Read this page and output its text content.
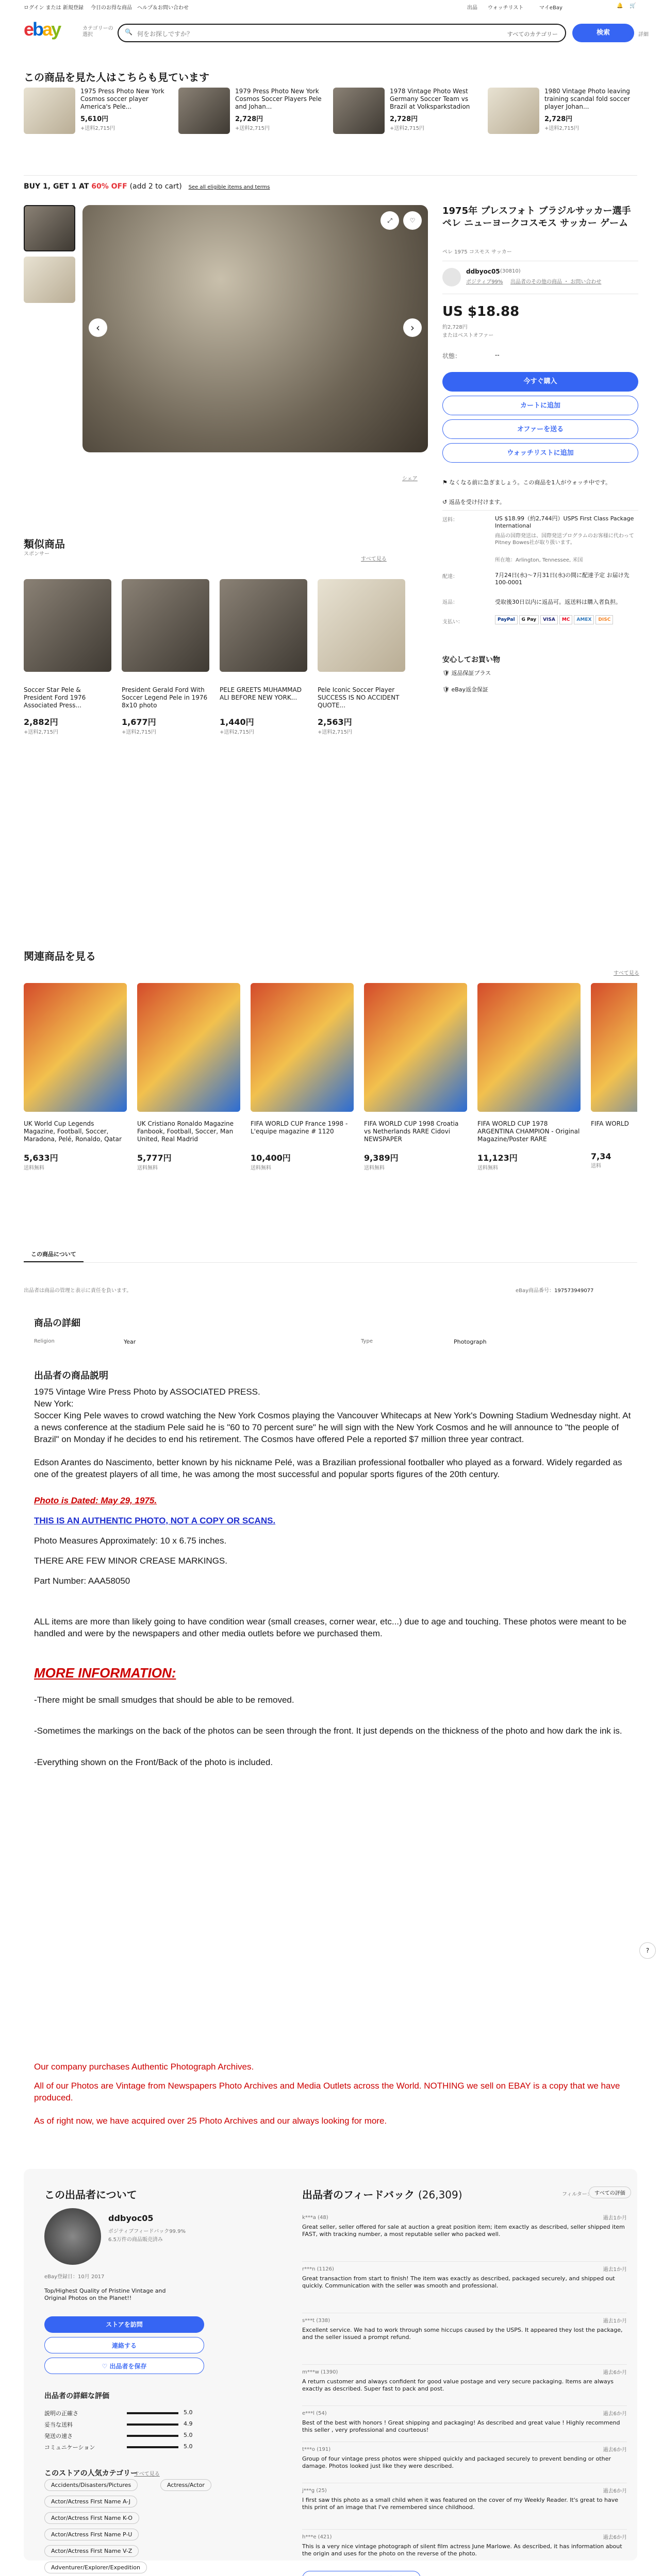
ログイン または 新規登録 今日のお得な商品 ヘルプ＆お問い合わせ	出品 ウォッチリスト	マイeBay	🔔 🛒
ebay	カテゴリーの選択	🔍 何をお探しですか？	すべてのカテゴリー	検索	詳細
この商品を見た人はこちらも見ています
1975 Press Photo New York Cosmos soccer player America's Pele...
5,610円
+送料2,715円
1979 Press Photo New York Cosmos Soccer Players Pele and Johan...
2,728円
+送料2,715円
1978 Vintage Photo West Germany Soccer Team vs Brazil at Volksparkstadion
2,728円
+送料2,715円
1980 Vintage Photo leaving training scandal fold soccer player Johan...
2,728円
+送料2,715円
BUY 1, GET 1 AT 60% OFF (add 2 to cart) See all eligible items and terms
‹	›
♡
⤢
シェア
1975年 プレスフォト ブラジルサッカー選手 ペレ ニューヨークコスモス サッカー ゲーム
ペレ 1975 コスモス サッカー
ddbyoc05 (30810)
ポジティブ99% 出品者のその他の商品 ・ お問い合わせ
US $18.88
約2,728円
またはベストオファー
状態：	--
今すぐ購入
カートに追加
オファーを送る
ウォッチリストに追加
⚑ なくなる前に急ぎましょう。この商品を1人がウォッチ中です。
↺ 返品を受け付けます。
送料：	US $18.99（約2,744円）USPS First Class Package International
商品の国際発送は、国際発送プログラムのお客様に代わってPitney Bowes社が取り扱います。
所在地：Arlington, Tennessee, 米国
配達：	7月24日(水)〜7月31日(水)の間に配達予定 お届け先 100-0001
返品：	受取後30日以内に返品可。返送料は購入者負担。
支払い：	PayPal G Pay VISA MC AMEX DISC
安心してお買い物
🛡 返品保証プラス
🛡 eBay返金保証
類似商品
スポンサー
すべて見る
Soccer Star Pele & President Ford 1976 Associated Press...
2,882円
+送料2,715円
President Gerald Ford With Soccer Legend Pele in 1976 8x10 photo
1,677円
+送料2,715円
PELE GREETS MUHAMMAD ALI BEFORE NEW YORK...
1,440円
+送料2,715円
Pele Iconic Soccer Player SUCCESS IS NO ACCIDENT QUOTE...
2,563円
+送料2,715円
関連商品を見る
すべて見る
UK World Cup Legends Magazine, Football, Soccer, Maradona, Pelé, Ronaldo, Qatar
5,633円
送料無料
UK Cristiano Ronaldo Magazine Fanbook, Football, Soccer, Man United, Real Madrid
5,777円
送料無料
FIFA WORLD CUP France 1998 - L'equipe magazine # 1120
10,400円
送料無料
FIFA WORLD CUP 1998 Croatia vs Netherlands RARE Cidovi NEWSPAPER
9,389円
送料無料
FIFA WORLD CUP 1978 ARGENTINA CHAMPION - Original Magazine/Poster RARE
11,123円
送料無料
FIFA WORLD
7,34
送料
この商品について
出品者は商品の管理と表示に責任を負います。	eBay商品番号：197573949077
商品の詳細
Religion	Year	Type	Photograph
出品者の商品説明

1975 Vintage Wire Press Photo by ASSOCIATED PRESS.

New York:

Soccer King Pele waves to crowd watching the New York Cosmos playing the Vancouver Whitecaps at New York's Downing Stadium Wednesday night. At a news conference at the stadium Pele said he is "60 to 70 percent sure" he will sign with the New York Cosmos and he will announce to "the people of Brazil" on Monday if he decides to end his retirement. The Cosmos have offered Pele a reported $7 million three year contract.

Edson Arantes do Nascimento, better known by his nickname Pelé, was a Brazilian professional footballer who played as a forward. Widely regarded as one of the greatest players of all time, he was among the most successful and popular sports figures of the 20th century.

Photo is Dated: May 29, 1975.

THIS IS AN AUTHENTIC PHOTO, NOT A COPY OR SCANS.

Photo Measures Approximately: 10 x 6.75 inches.

THERE ARE FEW MINOR CREASE MARKINGS.

Part Number: AAA58050

ALL items are more than likely going to have condition wear (small creases, corner wear, etc...) due to age and touching. These photos were meant to be handled and were by the newspapers and other media outlets before we purchased them.

MORE INFORMATION:

-There might be small smudges that should be able to be removed.

-Sometimes the markings on the back of the photos can be seen through the front. It just depends on the thickness of the photo and how dark the ink is.

-Everything shown on the Front/Back of the photo is included.

?

Our company purchases Authentic Photograph Archives.

All of our Photos are Vintage from Newspapers Photo Archives and Media Outlets across the World. NOTHING we sell on EBAY is a copy that we have produced.

As of right now, we have acquired over 25 Photo Archives and our always looking for more.

この出品者について
ddbyoc05
ポジティブフィードバック99.9%
6.5万件の商品販売済み
eBay登録日：10月 2017
Top/Highest Quality of Pristine Vintage and Original Photos on the Planet!!
ストアを訪問
連絡する
♡ 出品者を保存
出品者の詳細な評価
説明の正確さ	5.0
妥当な送料	4.9
発送の速さ	5.0
コミュニケーション	5.0
このストアの人気カテゴリー
すべて見る
Accidents/Disasters/Pictures	Actress/Actor
Actor/Actress First Name A-J
Actor/Actress First Name K-O
Actor/Actress First Name P-U
Actor/Actress First Name V-Z
Adventurer/Explorer/Expedition
出品者のフィードバック (26,309)	フィルター： すべての評価
k***a (48)	過去1か月
Great seller, seller offered for sale at auction a great position item; item exactly as described, seller shipped item FAST, with tracking number, a most reputable seller who packed well.
r***n (1126)	過去1か月
Great transaction from start to finish! The item was exactly as described, packaged securely, and shipped out quickly. Communication with the seller was smooth and professional.
s***t (338)	過去1か月
Excellent service. We had to work through some hiccups caused by the USPS. It appeared they lost the package, and the seller issued a prompt refund.
m***w (1390)	過去6か月
A return customer and always confident for good value postage and very secure packaging. Items are always exactly as described. Super fast to pack and post.
e***l (54)	過去6か月
Best of the best with honors ! Great shipping and packaging! As described and great value ! Highly recommend this seller , very professional and courteous!
t***o (191)	過去6か月
Group of four vintage press photos were shipped quickly and packaged securely to prevent bending or other damage. Photos looked just like they were described.
j***g (25)	過去6か月
I first saw this photo as a small child when it was featured on the cover of my Weekly Reader. It's great to have this print of an image that I've remembered since childhood.
h***e (421)	過去6か月
This is a very nice vintage photograph of silent film actress June Marlowe. As described, it has information about the origin and uses for the photo on the reverse of the photo.
